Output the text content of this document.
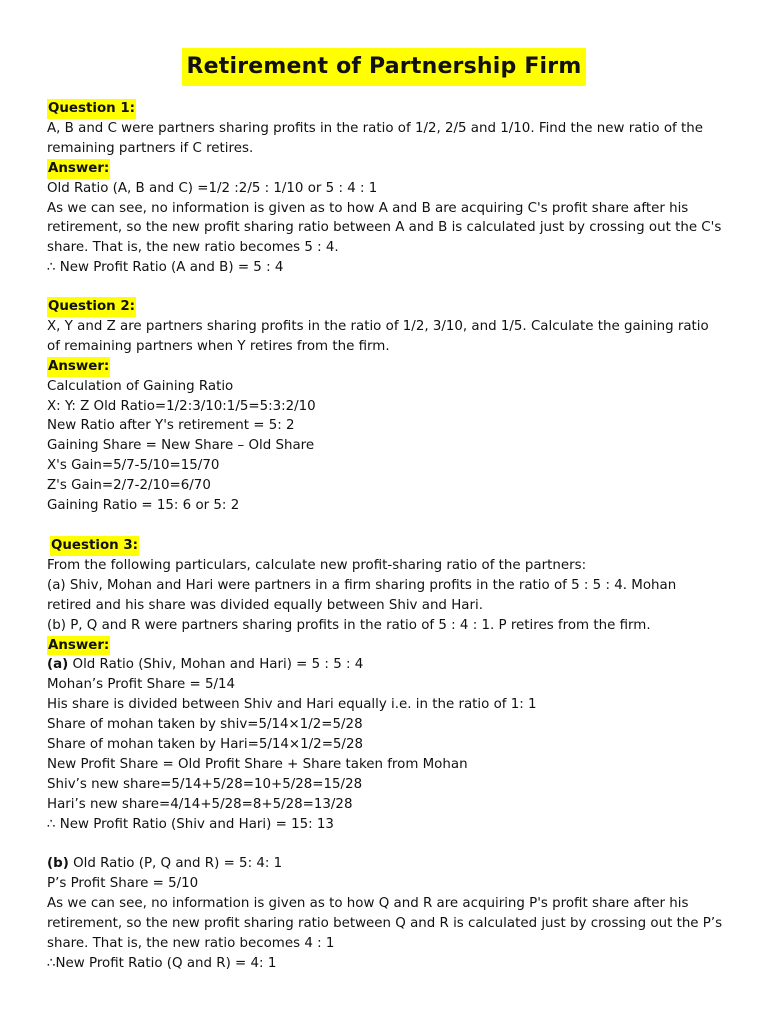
Retirement of Partnership Firm
Question 1:
A, B and C were partners sharing profits in the ratio of 1/2, 2/5 and 1/10. Find the new ratio of the
remaining partners if C retires.
Answer:
Old Ratio (A, B and C) =1/2 :2/5 : 1/10 or 5 : 4 : 1
As we can see, no information is given as to how A and B are acquiring C's profit share after his
retirement, so the new profit sharing ratio between A and B is calculated just by crossing out the C's
share. That is, the new ratio becomes 5 : 4.
∴ New Profit Ratio (A and B) = 5 : 4
Question 2:
X, Y and Z are partners sharing profits in the ratio of 1/2, 3/10, and 1/5. Calculate the gaining ratio
of remaining partners when Y retires from the firm.
Answer:
Calculation of Gaining Ratio
X: Y: Z Old Ratio=1/2:3/10:1/5=5:3:2/10
New Ratio after Y's retirement = 5: 2
Gaining Share = New Share – Old Share
X's Gain=5/7-5/10=15/70
Z's Gain=2/7-2/10=6/70
Gaining Ratio = 15: 6 or 5: 2
Question 3:
From the following particulars, calculate new profit-sharing ratio of the partners:
(a) Shiv, Mohan and Hari were partners in a firm sharing profits in the ratio of 5 : 5 : 4. Mohan
retired and his share was divided equally between Shiv and Hari.
(b) P, Q and R were partners sharing profits in the ratio of 5 : 4 : 1. P retires from the firm.
Answer:
(a) Old Ratio (Shiv, Mohan and Hari) = 5 : 5 : 4
Mohan’s Profit Share = 5/14
His share is divided between Shiv and Hari equally i.e. in the ratio of 1: 1
Share of mohan taken by shiv=5/14×1/2=5/28
Share of mohan taken by Hari=5/14×1/2=5/28
New Profit Share = Old Profit Share + Share taken from Mohan
Shiv’s new share=5/14+5/28=10+5/28=15/28
Hari’s new share=4/14+5/28=8+5/28=13/28
∴ New Profit Ratio (Shiv and Hari) = 15: 13
(b) Old Ratio (P, Q and R) = 5: 4: 1
P’s Profit Share = 5/10
As we can see, no information is given as to how Q and R are acquiring P's profit share after his
retirement, so the new profit sharing ratio between Q and R is calculated just by crossing out the P’s
share. That is, the new ratio becomes 4 : 1
∴New Profit Ratio (Q and R) = 4: 1
